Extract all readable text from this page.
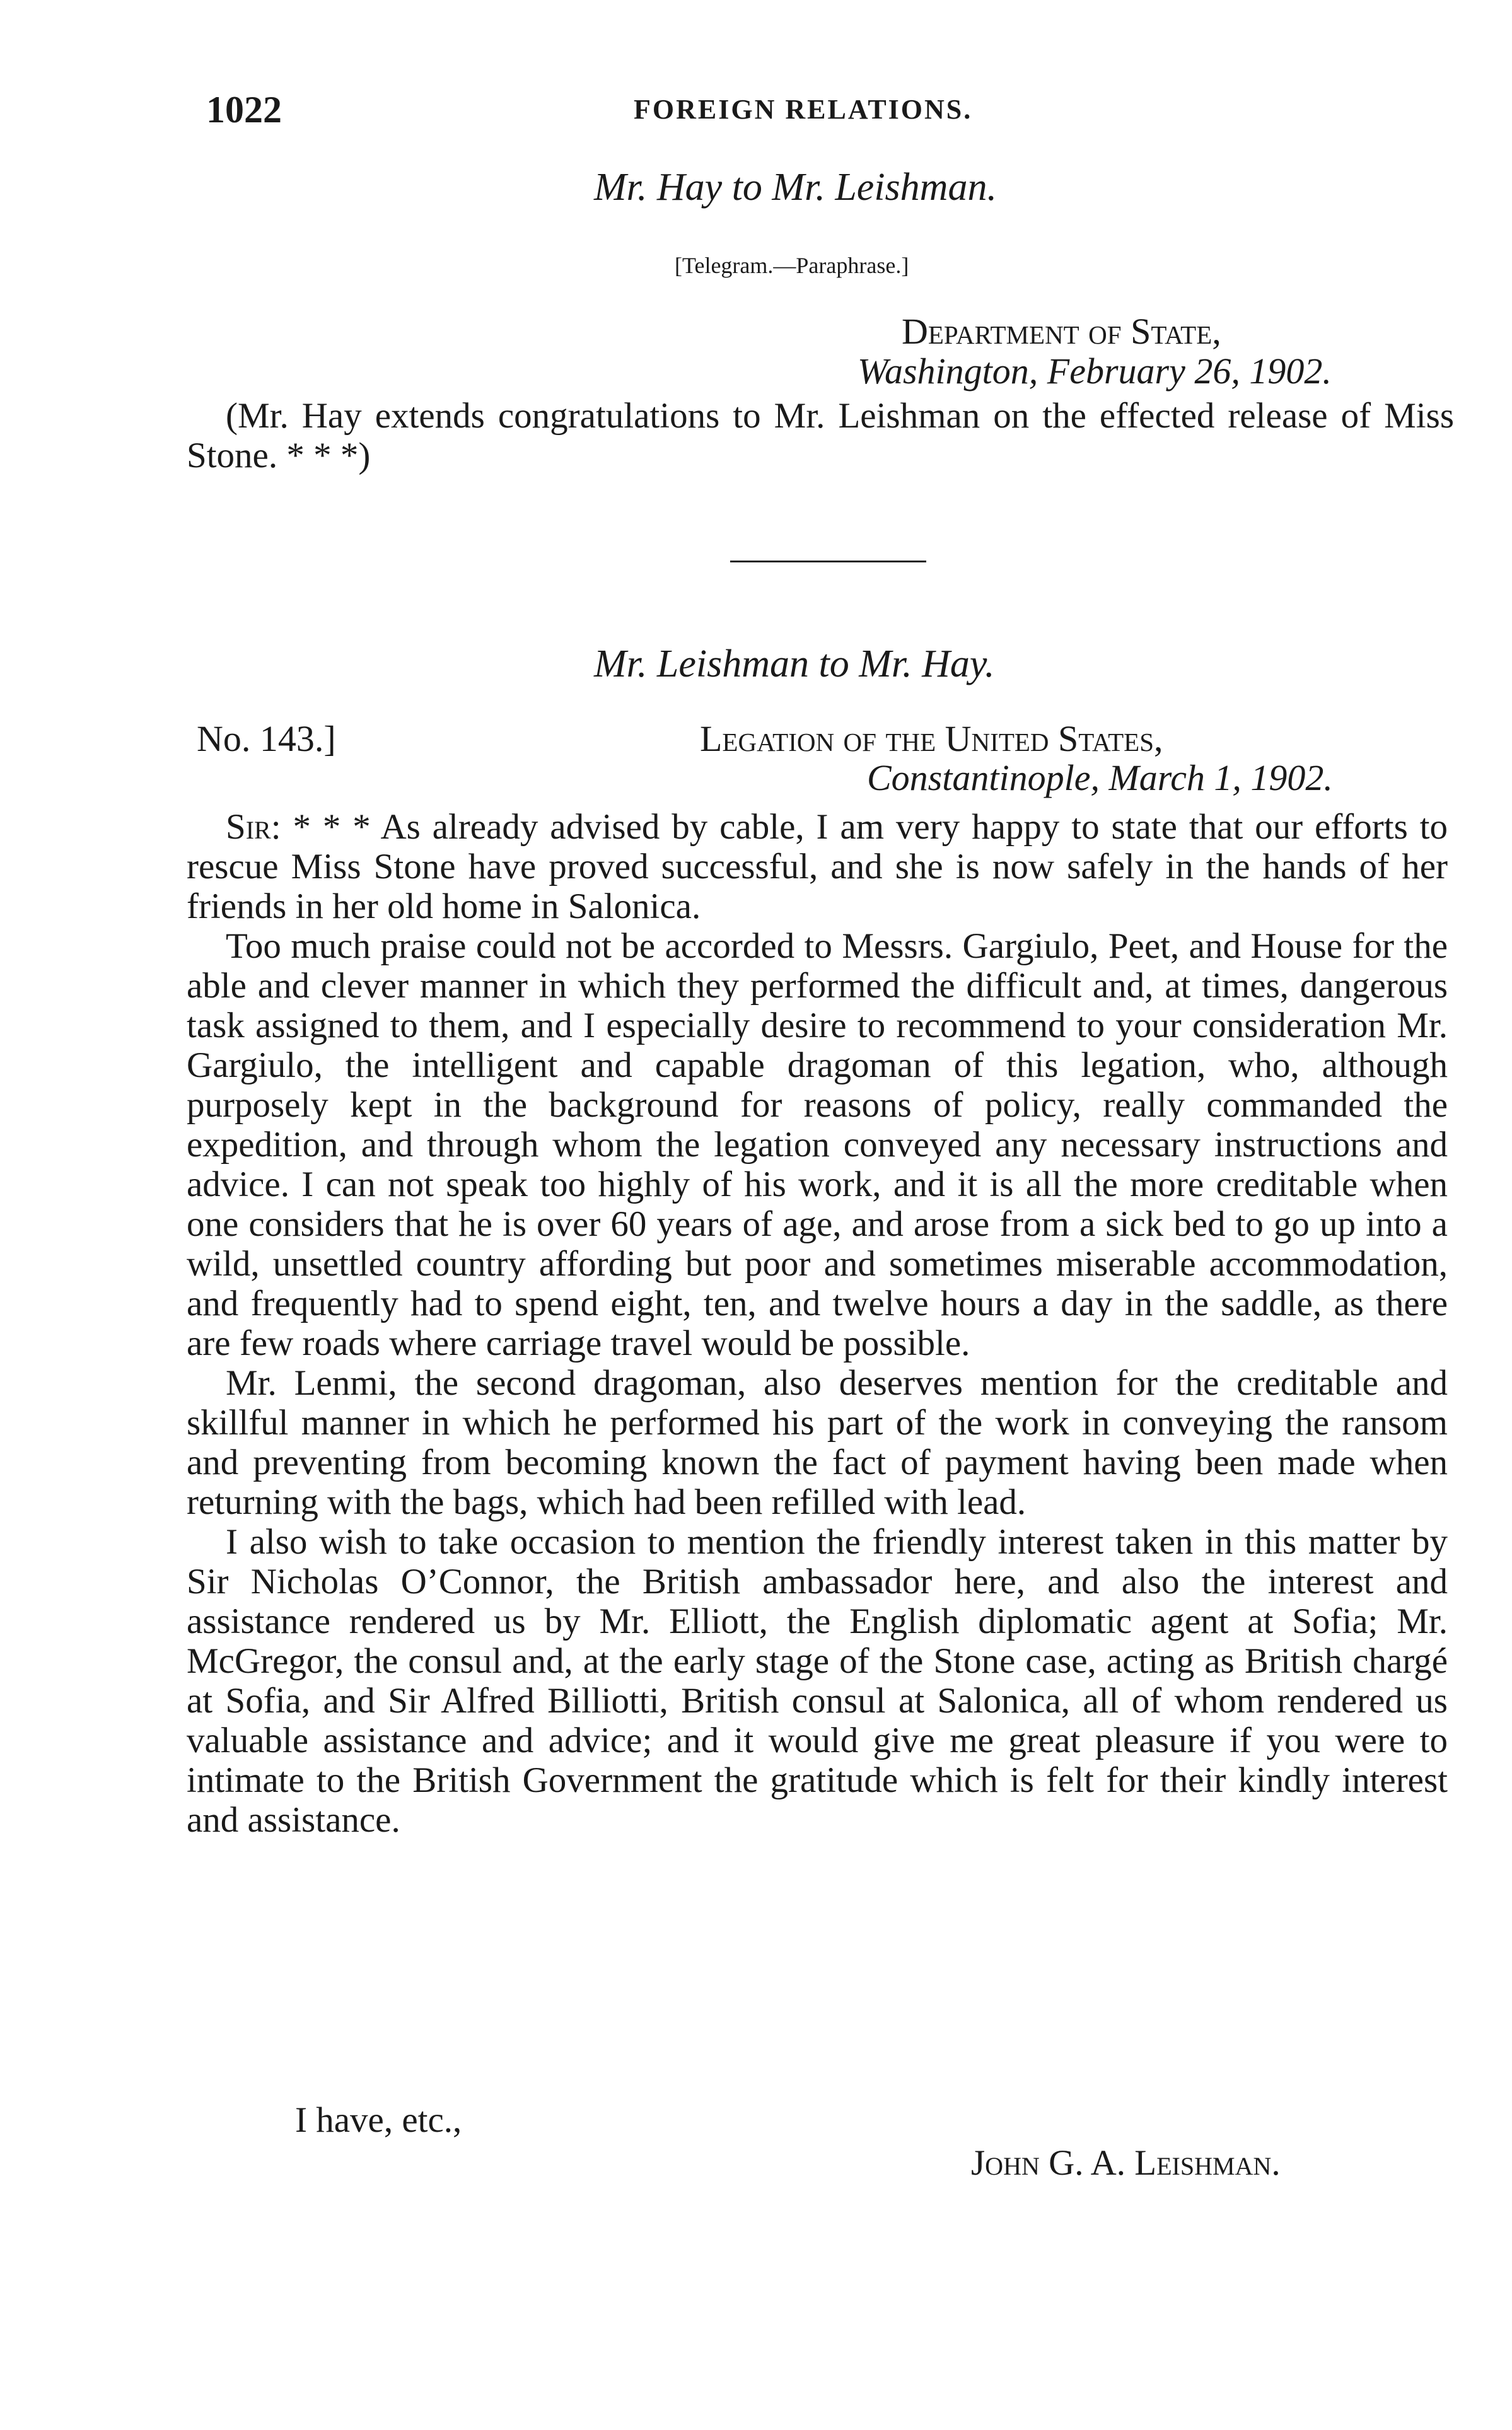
1022	FOREIGN RELATIONS.
Mr. Hay to Mr. Leishman.
[Telegram.—Paraphrase.]
Department of State,
Washington, February 26, 1902.

(Mr. Hay extends congratulations to Mr. Leishman on the effected release of Miss Stone. * * *)

Mr. Leishman to Mr. Hay.
No. 143.]	Legation of the United States,
Constantinople, March 1, 1902.

Sir: * * * As already advised by cable, I am very happy to state that our efforts to rescue Miss Stone have proved successful, and she is now safely in the hands of her friends in her old home in Salonica.

Too much praise could not be accorded to Messrs. Gargiulo, Peet, and House for the able and clever manner in which they performed the difficult and, at times, dangerous task assigned to them, and I especially desire to recommend to your consideration Mr. Gargiulo, the intelligent and capable dragoman of this legation, who, although purposely kept in the background for reasons of policy, really commanded the expedition, and through whom the legation conveyed any necessary instructions and advice. I can not speak too highly of his work, and it is all the more creditable when one considers that he is over 60 years of age, and arose from a sick bed to go up into a wild, unsettled country affording but poor and sometimes miserable accommodation, and frequently had to spend eight, ten, and twelve hours a day in the saddle, as there are few roads where carriage travel would be possible.

Mr. Lenmi, the second dragoman, also deserves mention for the creditable and skillful manner in which he performed his part of the work in conveying the ransom and preventing from becoming known the fact of payment having been made when returning with the bags, which had been refilled with lead.

I also wish to take occasion to mention the friendly interest taken in this matter by Sir Nicholas O’Connor, the British ambassador here, and also the interest and assistance rendered us by Mr. Elliott, the English diplomatic agent at Sofia; Mr. McGregor, the consul and, at the early stage of the Stone case, acting as British chargé at Sofia, and Sir Alfred Billiotti, British consul at Salonica, all of whom rendered us valuable assistance and advice; and it would give me great pleasure if you were to intimate to the British Government the gratitude which is felt for their kindly interest and assistance.

I have, etc.,
John G. A. Leishman.
